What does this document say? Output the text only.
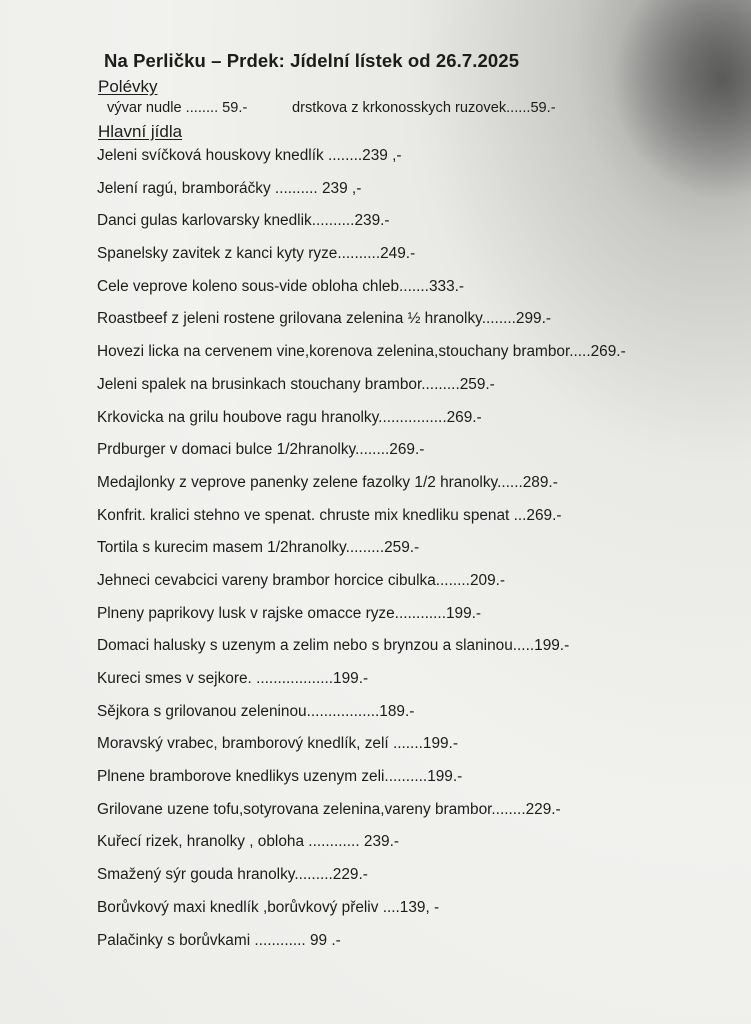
Na Perličku – Prdek: Jídelní lístek od 26.7.2025
Polévky
vývar nudle ........ 59.-	drstkova z krkonosskych ruzovek......59.-
Hlavní jídla
Jeleni svíčková houskovy knedlík ........239 ,-
Jelení ragú, bramboráčky .......... 239 ,-
Danci gulas karlovarsky knedlik..........239.-
Spanelsky zavitek z kanci kyty ryze..........249.-
Cele veprove koleno sous-vide obloha chleb.......333.-
Roastbeef z jeleni rostene grilovana zelenina ½ hranolky........299.-
Hovezi licka na cervenem vine,korenova zelenina,stouchany brambor.....269.-
Jeleni spalek na brusinkach stouchany brambor.........259.-
Krkovicka na grilu houbove ragu hranolky................269.-
Prdburger v domaci bulce 1/2hranolky........269.-
Medajlonky z veprove panenky zelene fazolky 1/2 hranolky......289.-
Konfrit. kralici stehno ve spenat. chruste mix knedliku spenat ...269.-
Tortila s kurecim masem 1/2hranolky.........259.-
Jehneci cevabcici vareny brambor horcice cibulka........209.-
Plneny paprikovy lusk v rajske omacce ryze............199.-
Domaci halusky s uzenym a zelim nebo s brynzou a slaninou.....199.-
Kureci smes v sejkore. ..................199.-
Sějkora s grilovanou zeleninou.................189.-
Moravský vrabec, bramborový knedlík, zelí .......199.-
Plnene bramborove knedlikys uzenym zeli..........199.-
Grilovane uzene tofu,sotyrovana zelenina,vareny brambor........229.-
Kuřecí rizek, hranolky , obloha ............ 239.-
Smažený sýr gouda hranolky.........229.-
Borůvkový maxi knedlík ,borůvkový přeliv ....139, -
Palačinky s borůvkami ............ 99 .-
